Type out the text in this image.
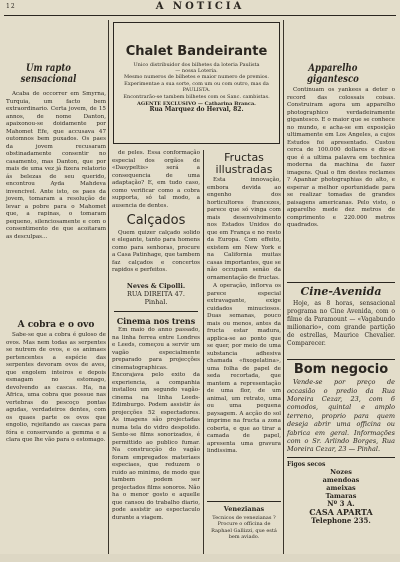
12	A NOTICIA
Um rapto sensacional

Acaba de occorrer em Smyrna, Turquia, um facto bem extraordinario. Certa jovem, de 15 annos, de nome Danton, apaixonou-se doidamente por Mahomet Efe, que accusava 47 outomnos bem puxados. Os paes da jovem recusaram obstinadamente consentir no casamento, mas Danton, que por mais de uma vez já fizera relatorio ás belezas de seu querido, encontrou Ayda Mahdeva invencivel. Ante isto, os paes da jovem, tomaram a resolução de levar a pobre para o Mahomet que, a rapinas, o tomaram pequeno, silenciosamente e com o consentimento de que acoitaram as desculpas...

A cobra e o ovo

Sabe-se que a cobra é guloso de ovos. Mas nem todas as serpentes se nutrem de ovos, e os animaes pertencentes a espécie das serpentes devoram ovos de aves, que engolem inteiros e depois esmagam no estomago, devolvendo as cascas. Ha, na Africa, uma cobra que possue nas vertebras do pescoço pontas agudas, verdadeiros dentes, com os quaes parte os ovos que engolio, rejeitando as cascas para fóra e conservando a gemma e a clara que lhe vão para o estomago.

Chalet Bandeirante
Unico distribuidor dos bilhetes da loteria Paulista
— nossa Loteria.
Mesmo numeros de bilhetes e maior numero de premios.
Experimentae a sua sorte, com um ou com outro, mas da PAULISTA.
Encontrarão-se tambem bilhetes com os Sanc. cambistas.
AGENTE EXCLUSIVO — Catharina Branca.
Rua Marquez do Herval, 82.

de peles. Essa conformação especial dos orgãos de «Dasypeltis» será a consequencia de uma adaptação? E, em tudo caso, como verificar como a cobra supporta, só tal modo, a ausencia de dentes.

Calçados

Quem quizer calçado solido e elegante, tanto para homens como para senhoras, procure a Casa Patinhage, que tambem faz calçados e concertos rapidos e perfeitos.

Neves & Cipolli.
RUA DIREITA 47.
Pinhal.
Cinema nos trens

Em maio do anno passado, na linha ferrea entre Londres e Leeds, começou a servir um vagão especialmente preparado para projecções cinematographicas. Encorajava pelo exito da experiencia, a companhia installou um segundo vagão-cinema na linha Leeds-Edimburgo. Podem assistir ás projecções 52 espectadores. As imagens são projectadas numa tela do vidro despolido. Sente-se films sonorizados, é permittido ao publico fumar. Na construcção do vagão foram empregados materiaes especiaes, que reduzem o ruido ao minimo, de modo que tambem podem ser projectados films sonoros. Não ha o menor gosto e aquelle que cansou do trabalho diario, pode assistir ao espectaculo durante a viagem.

Fructas illustradas

Esta innovação, embora devida ao engenho dos horticultores francezes, parece que só vinga com mais desenvolvimento nos Estados Unidos do que em França e no resto da Europa. Com effeito, existem em New York e na California muitas casas importantes, que se não occupam senão da ornamentação de fructas.

A operação, inflorva os parece especial extravagante, exige cuidados minuciosos. Duas semanas, pouco mais ou menos, antes da fructa estar madura, applica-se ao ponto que se quer, por meio de uma substancia adhesiva chamada «fixogelatina», uma folha de papel de seda recortada, que mantem a representação de uma flor, de um animal, um retrato, uma ou uma pequena paysagem. A acção do sol imprime na fructa a zona coberta, e que ao tirar a camada de papel, apresenta uma gravura lindissima.

Venezianas
Tecnicos de venezianas ? Procure o officina de Raphael Gallizzi, que está bem aviado.
Apparelho gigantesco

Continuam os yankees a deter o record das colossais coisas. Construiram agora um apparelho photographico verdadeiramente gigantesco. E o maior que se conhece no mundo, e acha-se em exposição ultimamente em Los Angeles, a cujos Estudos foi apresentado. Custou cerca de 100.000 dollares e diz-se que é a ultima palavra em technica moderna da machina de fazer imagens. Qual o fim destes reclames ? Apanhar photographias do alto, e esperar a melhor oportunidade para se realizar tomadas de grandes paisagens americanas. Pelo visto, o apparelho mede dez metros de comprimento e 220.000 metros quadrados.

Cine-Avenida

Hoje, as 8 horas, sensacional programa no Cine Avenida, com o filme da Paramount — «Vagabundo milionario», com grande partição de estrellas, Maurice Chevalier. Comparecer.

Bom negocio

Vende-se por preço de occasião o predio da Rua Moreira Cezar, 23, com 6 comodos, quintal e amplo terreno, proprio para quem deseja abrir uma officina ou fabrica em geral. Informações com o Sr. Arlindo Borges, Rua Moreira Cezar, 23 — Pinhal.

Figos secos
Nozes
amendoas
ameixas
Tamaras
Nº 3 A.
CASA APARTA
Telephone 235.
